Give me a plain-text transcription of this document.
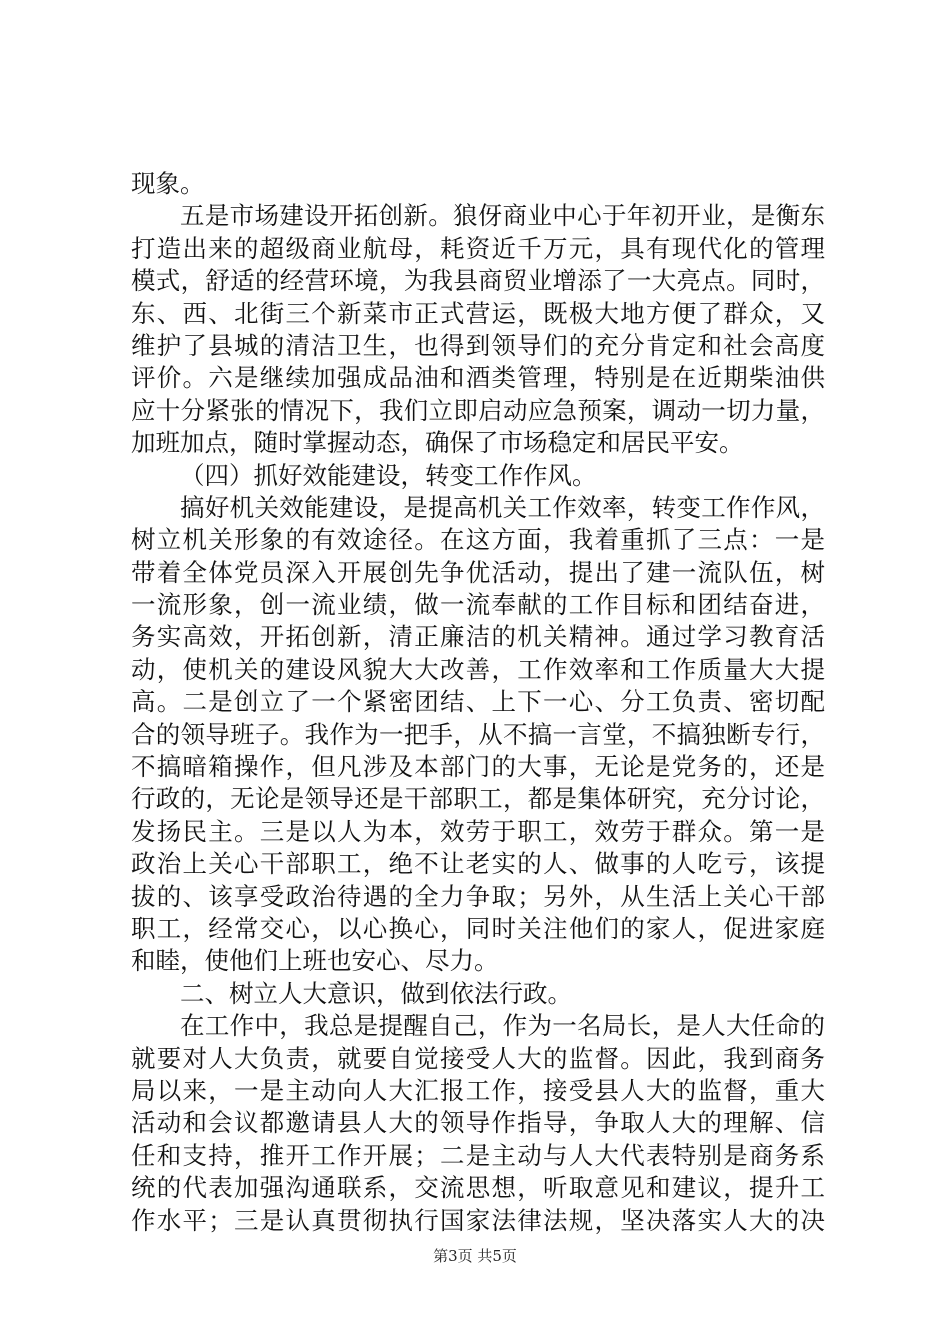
现象。
五是市场建设开拓创新。狼伢商业中心于年初开业，是衡东
打造出来的超级商业航母，耗资近千万元，具有现代化的管理
模式，舒适的经营环境，为我县商贸业增添了一大亮点。同时，
东、西、北街三个新菜市正式营运，既极大地方便了群众，又
维护了县城的清洁卫生，也得到领导们的充分肯定和社会高度
评价。六是继续加强成品油和酒类管理，特别是在近期柴油供
应十分紧张的情况下，我们立即启动应急预案，调动一切力量，
加班加点，随时掌握动态，确保了市场稳定和居民平安。
（四）抓好效能建设，转变工作作风。
搞好机关效能建设，是提高机关工作效率，转变工作作风，
树立机关形象的有效途径。在这方面，我着重抓了三点：一是
带着全体党员深入开展创先争优活动，提出了建一流队伍，树
一流形象，创一流业绩，做一流奉献的工作目标和团结奋进，
务实高效，开拓创新，清正廉洁的机关精神。通过学习教育活
动，使机关的建设风貌大大改善，工作效率和工作质量大大提
高。二是创立了一个紧密团结、上下一心、分工负责、密切配
合的领导班子。我作为一把手，从不搞一言堂，不搞独断专行，
不搞暗箱操作，但凡涉及本部门的大事，无论是党务的，还是
行政的，无论是领导还是干部职工，都是集体研究，充分讨论，
发扬民主。三是以人为本，效劳于职工，效劳于群众。第一是
政治上关心干部职工，绝不让老实的人、做事的人吃亏，该提
拔的、该享受政治待遇的全力争取；另外，从生活上关心干部
职工，经常交心，以心换心，同时关注他们的家人，促进家庭
和睦，使他们上班也安心、尽力。
二、树立人大意识，做到依法行政。
在工作中，我总是提醒自己，作为一名局长，是人大任命的
就要对人大负责，就要自觉接受人大的监督。因此，我到商务
局以来，一是主动向人大汇报工作，接受县人大的监督，重大
活动和会议都邀请县人大的领导作指导，争取人大的理解、信
任和支持，推开工作开展；二是主动与人大代表特别是商务系
统的代表加强沟通联系，交流思想，听取意见和建议，提升工
作水平；三是认真贯彻执行国家法律法规，坚决落实人大的决
第3页 共5页
